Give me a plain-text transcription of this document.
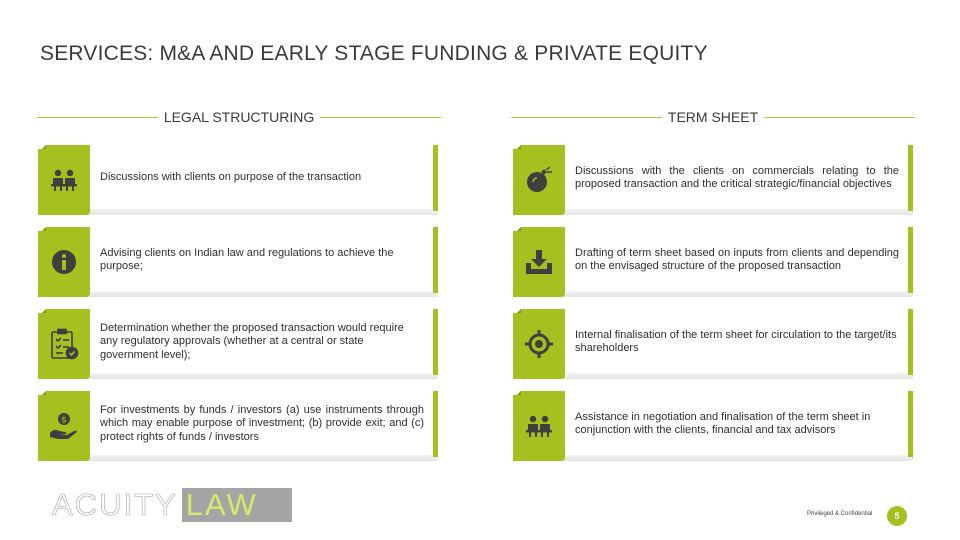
SERVICES: M&A AND EARLY STAGE FUNDING & PRIVATE EQUITY
LEGAL STRUCTURING	TERM SHEET
Discussions with clients on purpose of the transaction
Advising clients on Indian law and regulations to achieve the purpose;
Determination whether the proposed transaction would require any regulatory approvals (whether at a central or state government level);
$
For investments by funds / investors (a) use instruments through which may enable purpose of investment; (b) provide exit; and (c) protect rights of funds / investors
Discussions with the clients on commercials relating to the proposed transaction and the critical strategic/financial objectives
Drafting of term sheet based on inputs from clients and depending on the envisaged structure of the proposed transaction
Internal finalisation of the term sheet for circulation to the target/its shareholders
Assistance in negotiation and finalisation of the term sheet in conjunction with the clients, financial and tax advisors
ACUITY LAW	Privileged & Confidential	5
